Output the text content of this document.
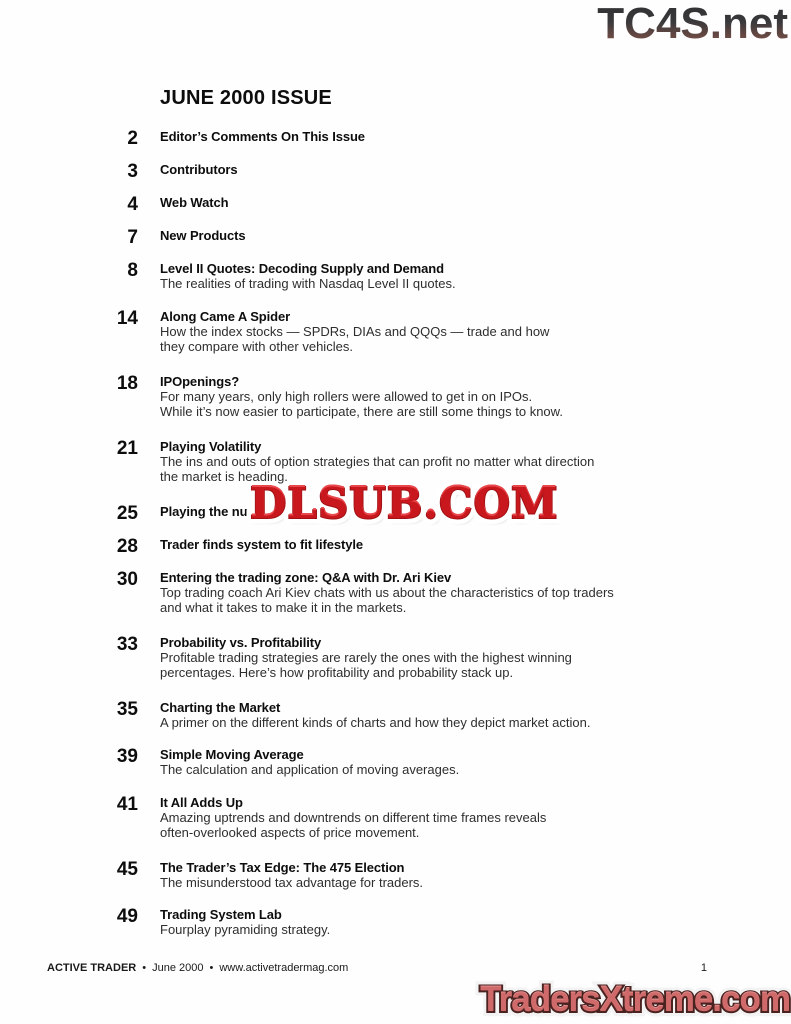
TC4S.net
JUNE 2000 ISSUE
2 Editor’s Comments On This Issue
3 Contributors
4 Web Watch
7 New Products
8 Level II Quotes: Decoding Supply and Demand
The realities of trading with Nasdaq Level II quotes.
14 Along Came A Spider
How the index stocks — SPDRs, DIAs and QQQs — trade and how
they compare with other vehicles.
18 IPOpenings?
For many years, only high rollers were allowed to get in on IPOs.
While it’s now easier to participate, there are still some things to know.
21 Playing Volatility
The ins and outs of option strategies that can profit no matter what direction
the market is heading.
25 Playing the nu
28 Trader finds system to fit lifestyle
30 Entering the trading zone: Q&A with Dr. Ari Kiev
Top trading coach Ari Kiev chats with us about the characteristics of top traders
and what it takes to make it in the markets.
33 Probability vs. Profitability
Profitable trading strategies are rarely the ones with the highest winning
percentages. Here’s how profitability and probability stack up.
35 Charting the Market
A primer on the different kinds of charts and how they depict market action.
39 Simple Moving Average
The calculation and application of moving averages.
41 It All Adds Up
Amazing uptrends and downtrends on different time frames reveals
often-overlooked aspects of price movement.
45 The Trader’s Tax Edge: The 475 Election
The misunderstood tax advantage for traders.
49 Trading System Lab
Fourplay pyramiding strategy.
DLSUB.COM DLSUB.COM DLSUB.COM
ACTIVE TRADER • June 2000 • www.activetradermag.com	1
TradersXtreme.com TradersXtreme.com TradersXtreme.com
